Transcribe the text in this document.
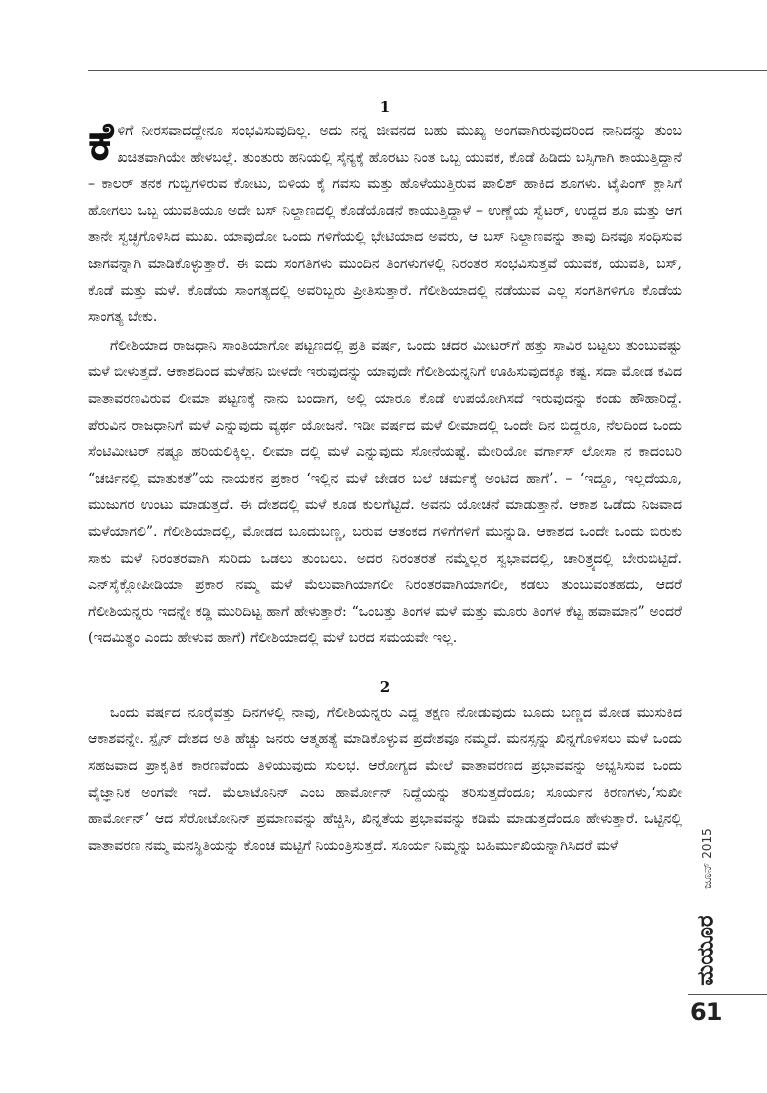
1

ಕೆಳಿಗೆ ನೀರಸವಾದದ್ದೇನೂ ಸಂಭವಿಸುವುದಿಲ್ಲ. ಅದು ನನ್ನ ಜೀವನದ ಬಹು ಮುಖ್ಯ ಅಂಗವಾಗಿರುವುದರಿಂದ ನಾನಿದನ್ನು ತುಂಬ ಖಚಿತವಾಗಿಯೇ ಹೇಳಬಲ್ಲೆ. ತುಂತುರು ಹನಿಯಲ್ಲಿ ಸೈನ್ಯಕ್ಕೆ ಹೊರಟು ನಿಂತ ಒಬ್ಬ ಯುವಕ, ಕೊಡೆ ಹಿಡಿದು ಬಸ್ಸಿಗಾಗಿ ಕಾಯುತ್ತಿದ್ದಾನೆ – ಕಾಲರ್ ತನಕ ಗುಬ್ಬಿಗಳಿರುವ ಕೋಟು, ಬಿಳಿಯ ಕೈ ಗವಸು ಮತ್ತು ಹೊಳೆಯುತ್ತಿರುವ ಪಾಲಿಶ್ ಹಾಕಿದ ಶೂಗಳು. ಟೈಪಿಂಗ್ ಕ್ಲಾಸಿಗೆ ಹೋಗಲು ಒಬ್ಬ ಯುವತಿಯೂ ಅದೇ ಬಸ್ ನಿಲ್ದಾಣದಲ್ಲಿ ಕೊಡೆಯೊಡನೆ ಕಾಯುತ್ತಿದ್ದಾಳೆ – ಉಣ್ಣೆಯ ಸ್ವೆಟರ್, ಉದ್ದದ ಶೂ ಮತ್ತು ಆಗ ತಾನೇ ಸ್ವಚ್ಛಗೊಳಿಸಿದ ಮುಖ. ಯಾವುದೋ ಒಂದು ಗಳಿಗೆಯಲ್ಲಿ ಭೇಟಿಯಾದ ಅವರು, ಆ ಬಸ್ ನಿಲ್ದಾಣವನ್ನು ತಾವು ದಿನವೂ ಸಂಧಿಸುವ ಜಾಗವನ್ನಾಗಿ ಮಾಡಿಕೊಳ್ಳುತ್ತಾರೆ. ಈ ಐದು ಸಂಗತಿಗಳು ಮುಂದಿನ ತಿಂಗಳುಗಳಲ್ಲಿ ನಿರಂತರ ಸಂಭವಿಸುತ್ತವೆ ಯುವಕ, ಯುವತಿ, ಬಸ್, ಕೊಡೆ ಮತ್ತು ಮಳೆ. ಕೊಡೆಯ ಸಾಂಗತ್ಯದಲ್ಲಿ ಅವರಿಬ್ಬರು ಪ್ರೀತಿಸುತ್ತಾರೆ. ಗೆಲೀಶಿಯಾದಲ್ಲಿ ನಡೆಯುವ ಎಲ್ಲ ಸಂಗತಿಗಳಿಗೂ ಕೊಡೆಯ ಸಾಂಗತ್ಯ ಬೇಕು.

ಗೆಲೀಶಿಯಾದ ರಾಜಧಾನಿ ಸಾಂತಿಯಾಗೋ ಪಟ್ಟಣದಲ್ಲಿ ಪ್ರತಿ ವರ್ಷ, ಒಂದು ಚದರ ಮೀಟರ್‌ಗೆ ಹತ್ತು ಸಾವಿರ ಬಟ್ಟಲು ತುಂಬುವಷ್ಟು ಮಳೆ ಬೀಳುತ್ತದೆ. ಆಕಾಶದಿಂದ ಮಳೆಹನಿ ಬೀಳದೇ ಇರುವುದನ್ನು ಯಾವುದೇ ಗೆಲೀಶಿಯನ್ನನಿಗೆ ಊಹಿಸುವುದಕ್ಕೂ ಕಷ್ಟ. ಸದಾ ಮೋಡ ಕವಿದ ವಾತಾವರಣವಿರುವ ಲೀಮಾ ಪಟ್ಟಣಕ್ಕೆ ನಾನು ಬಂದಾಗ, ಅಲ್ಲಿ ಯಾರೂ ಕೊಡೆ ಉಪಯೋಗಿಸದೆ ಇರುವುದನ್ನು ಕಂಡು ಹೌಹಾರಿದ್ದೆ. ಪೆರುವಿನ ರಾಜಧಾನಿಗೆ ಮಳೆ ಎನ್ನುವುದು ವ್ಯರ್ಥ ಯೋಜನೆ. ಇಡೀ ವರ್ಷದ ಮಳೆ ಲೀಮಾದಲ್ಲಿ ಒಂದೇ ದಿನ ಬಿದ್ದರೂ, ನೆಲದಿಂದ ಒಂದು ಸೆಂಟಿಮೀಟರ್ ನಷ್ಟೂ ಹರಿಯಲಿಕ್ಕಿಲ್ಲ. ಲೀಮಾ ದಲ್ಲಿ ಮಳೆ ಎನ್ನುವುದು ಸೋನೆಯಷ್ಟೆ. ಮೇರಿಯೋ ವರ್ಗಾಸ್ ಲೋಸಾ ನ ಕಾದಂಬರಿ “ಚರ್ಚಿನಲ್ಲಿ ಮಾತುಕತೆ”ಯ ನಾಯಕನ ಪ್ರಕಾರ ‘ಇಲ್ಲಿನ ಮಳೆ ಜೇಡರ ಬಲೆ ಚರ್ಮಕ್ಕೆ ಅಂಟಿದ ಹಾಗೆ’. – ‘ಇದ್ದೂ, ಇಲ್ಲದೆಯೂ, ಮುಜುಗರ ಉಂಟು ಮಾಡುತ್ತದೆ. ಈ ದೇಶದಲ್ಲಿ ಮಳೆ ಕೂಡ ಕುಲಗೆಟ್ಟಿದೆ. ಅವನು ಯೋಚನೆ ಮಾಡುತ್ತಾನೆ. ಆಕಾಶ ಒಡೆದು ನಿಜವಾದ ಮಳೆಯಾಗಲಿ”. ಗೆಲೀಶಿಯಾದಲ್ಲಿ, ಮೋಡದ ಬೂದುಬಣ್ಣ, ಬರುವ ಆತಂಕದ ಗಳಿಗೆಗಳಿಗೆ ಮುನ್ನುಡಿ. ಆಕಾಶದ ಒಂದೇ ಒಂದು ಬಿರುಕು ಸಾಕು ಮಳೆ ನಿರಂತರವಾಗಿ ಸುರಿದು ಒಡಲು ತುಂಬಲು. ಅದರ ನಿರಂತರತೆ ನಮ್ಮೆಲ್ಲರ ಸ್ವಭಾವದಲ್ಲಿ, ಚಾರಿತ್ರ್ಯದಲ್ಲಿ ಬೇರುಬಿಟ್ಟಿದೆ. ಎನ್‌ಸೈಕ್ಲೋಪೀಡಿಯಾ ಪ್ರಕಾರ ನಮ್ಮ ಮಳೆ ಮೆಲುವಾಗಿಯಾಗಲೀ ನಿರಂತರವಾಗಿಯಾಗಲೀ, ಕಡಲು ತುಂಬುವಂತಹದು, ಆದರೆ ಗೆಲೀಶಿಯನ್ನರು ಇದನ್ನೇ ಕಡ್ಡಿ ಮುರಿದಿಟ್ಟ ಹಾಗೆ ಹೇಳುತ್ತಾರೆ: “ಒಂಬತ್ತು ತಿಂಗಳ ಮಳೆ ಮತ್ತು ಮೂರು ತಿಂಗಳ ಕೆಟ್ಟ ಹವಾಮಾನ” ಅಂದರೆ (ಇದಮಿತ್ಥಂ ಎಂದು ಹೇಳುವ ಹಾಗೆ) ಗೆಲೀಶಿಯಾದಲ್ಲಿ ಮಳೆ ಬರದ ಸಮಯವೇ ಇಲ್ಲ.

2

ಒಂದು ವರ್ಷದ ನೂರೈವತ್ತು ದಿನಗಳಲ್ಲಿ ನಾವು, ಗೆಲೀಶಿಯನ್ನರು ಎದ್ದ ತಕ್ಷಣ ನೋಡುವುದು ಬೂದು ಬಣ್ಣದ ಮೋಡ ಮುಸುಕಿದ ಆಕಾಶವನ್ನೇ. ಸ್ಪೈನ್ ದೇಶದ ಅತಿ ಹೆಚ್ಚು ಜನರು ಆತ್ಮಹತ್ಯೆ ಮಾಡಿಕೊಳ್ಳುವ ಪ್ರದೇಶವೂ ನಮ್ಮದೆ. ಮನಸ್ಸನ್ನು ಖಿನ್ನಗೊಳಿಸಲು ಮಳೆ ಒಂದು ಸಹಜವಾದ ಪ್ರಾಕೃತಿಕ ಕಾರಣವೆಂದು ತಿಳಿಯುವುದು ಸುಲಭ. ಆರೋಗ್ಯದ ಮೇಲೆ ವಾತಾವರಣದ ಪ್ರಭಾವವನ್ನು ಅಭ್ಯಸಿಸುವ ಒಂದು ವೈಜ್ಞಾನಿಕ ಅಂಗವೇ ಇದೆ. ಮೆಲಾಟೊನಿನ್ ಎಂಬ ಹಾರ್ಮೋನ್ ನಿದ್ದೆಯನ್ನು ತರಿಸುತ್ತದೆಂದೂ; ಸೂರ್ಯನ ಕಿರಣಗಳು,‘ಸುಖೀ ಹಾರ್ಮೋನ್’ ಆದ ಸೆರೋಟೋನಿನ್ ಪ್ರಮಾಣವನ್ನು ಹೆಚ್ಚಿಸಿ, ಖಿನ್ನತೆಯ ಪ್ರಭಾವವನ್ನು ಕಡಿಮೆ ಮಾಡುತ್ತದೆಂದೂ ಹೇಳುತ್ತಾರೆ. ಒಟ್ಟಿನಲ್ಲಿ ವಾತಾವರಣ ನಮ್ಮ ಮನಸ್ಥಿತಿಯನ್ನು ಕೊಂಚ ಮಟ್ಟಿಗೆ ನಿಯಂತ್ರಿಸುತ್ತದೆ. ಸೂರ್ಯ ನಿಮ್ಮನ್ನು ಬಹಿರ್ಮುಖಿಯನ್ನಾಗಿಸಿದರೆ ಮಳೆ	ಜೂನ್ 2015
ಮಯೂರ
61
